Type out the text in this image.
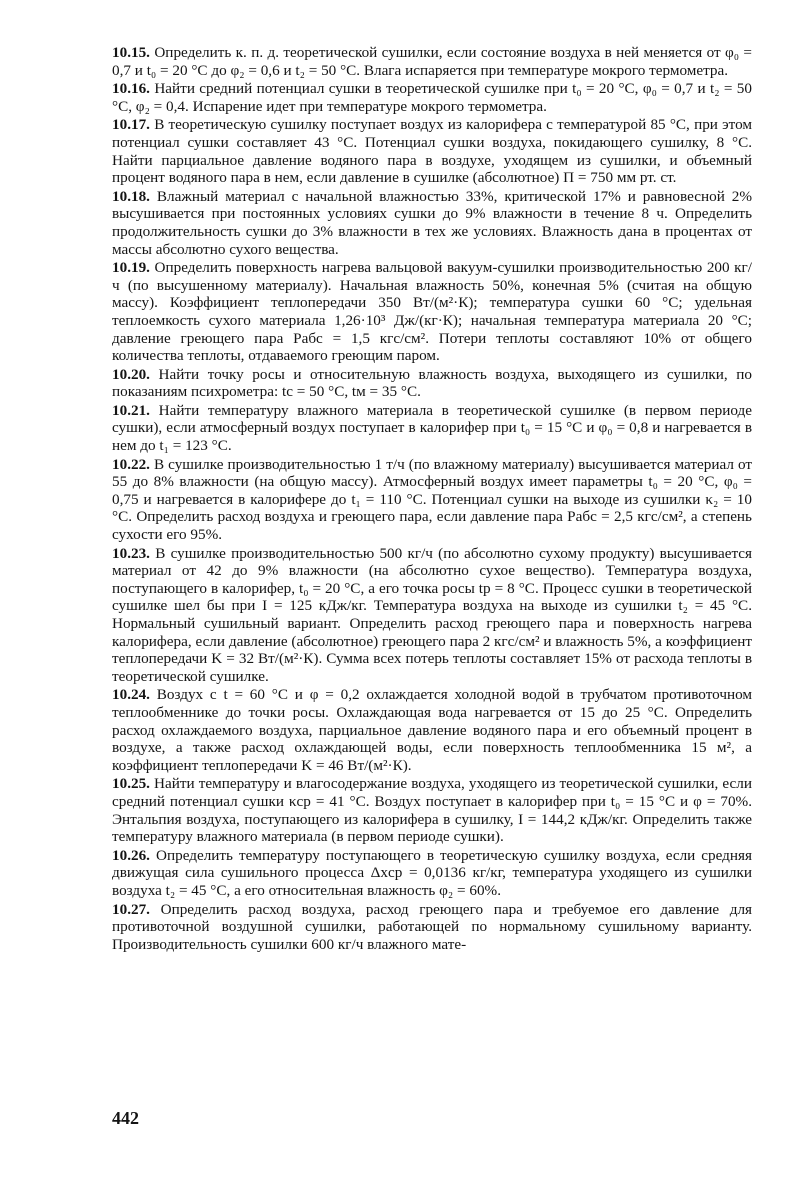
10.15. Определить к. п. д. теоретической сушилки, если состояние воздуха в ней меняется от φ₀ = 0,7 и t₀ = 20 °С до φ₂ = 0,6 и t₂ = 50 °С. Влага испаряется при температуре мокрого термометра.

10.16. Найти средний потенциал сушки в теоретической сушилке при t₀ = 20 °С, φ₀ = 0,7 и t₂ = 50 °С, φ₂ = 0,4. Испарение идет при температуре мокрого термометра.

10.17. В теоретическую сушилку поступает воздух из калорифера с температурой 85 °С, при этом потенциал сушки составляет 43 °С. Потенциал сушки воздуха, покидающего сушилку, 8 °С. Найти парциальное давление водяного пара в воздухе, уходящем из сушилки, и объемный процент водяного пара в нем, если давление в сушилке (абсолютное) П = 750 мм рт. ст.

10.18. Влажный материал с начальной влажностью 33%, критической 17% и равновесной 2% высушивается при постоянных условиях сушки до 9% влажности в течение 8 ч. Определить продолжительность сушки до 3% влажности в тех же условиях. Влажность дана в процентах от массы абсолютно сухого вещества.

10.19. Определить поверхность нагрева вальцовой вакуум-сушилки производительностью 200 кг/ч (по высушенному материалу). Начальная влажность 50%, конечная 5% (считая на общую массу). Коэффициент теплопередачи 350 Вт/(м²·К); температура сушки 60 °С; удельная теплоемкость сухого материала 1,26·10³ Дж/(кг·К); начальная температура материала 20 °С; давление греющего пара Pабс = 1,5 кгс/см². Потери теплоты составляют 10% от общего количества теплоты, отдаваемого греющим паром.

10.20. Найти точку росы и относительную влажность воздуха, выходящего из сушилки, по показаниям психрометра: tс = 50 °С, tм = 35 °С.

10.21. Найти температуру влажного материала в теоретической сушилке (в первом периоде сушки), если атмосферный воздух поступает в калорифер при t₀ = 15 °С и φ₀ = 0,8 и нагревается в нем до t₁ = 123 °С.

10.22. В сушилке производительностью 1 т/ч (по влажному материалу) высушивается материал от 55 до 8% влажности (на общую массу). Атмосферный воздух имеет параметры t₀ = 20 °С, φ₀ = 0,75 и нагревается в калорифере до t₁ = 110 °С. Потенциал сушки на выходе из сушилки κ₂ = 10 °С. Определить расход воздуха и греющего пара, если давление пара Pабс = 2,5 кгс/см², а степень сухости его 95%.

10.23. В сушилке производительностью 500 кг/ч (по абсолютно сухому продукту) высушивается материал от 42 до 9% влажности (на абсолютно сухое вещество). Температура воздуха, поступающего в калорифер, t₀ = 20 °С, а его точка росы tр = 8 °С. Процесс сушки в теоретической сушилке шел бы при I = 125 кДж/кг. Температура воздуха на выходе из сушилки t₂ = 45 °С. Нормальный сушильный вариант. Определить расход греющего пара и поверхность нагрева калорифера, если давление (абсолютное) греющего пара 2 кгс/см² и влажность 5%, а коэффициент теплопередачи K = 32 Вт/(м²·К). Сумма всех потерь теплоты составляет 15% от расхода теплоты в теоретической сушилке.

10.24. Воздух с t = 60 °С и φ = 0,2 охлаждается холодной водой в трубчатом противоточном теплообменнике до точки росы. Охлаждающая вода нагревается от 15 до 25 °С. Определить расход охлаждаемого воздуха, парциальное давление водяного пара и его объемный процент в воздухе, а также расход охлаждающей воды, если поверхность теплообменника 15 м², а коэффициент теплопередачи K = 46 Вт/(м²·К).

10.25. Найти температуру и влагосодержание воздуха, уходящего из теоретической сушилки, если средний потенциал сушки κср = 41 °С. Воздух поступает в калорифер при t₀ = 15 °С и φ = 70%. Энтальпия воздуха, поступающего из калорифера в сушилку, I = 144,2 кДж/кг. Определить также температуру влажного материала (в первом периоде сушки).

10.26. Определить температуру поступающего в теоретическую сушилку воздуха, если средняя движущая сила сушильного процесса Δxср = 0,0136 кг/кг, температура уходящего из сушилки воздуха t₂ = 45 °С, а его относительная влажность φ₂ = 60%.

10.27. Определить расход воздуха, расход греющего пара и требуемое его давление для противоточной воздушной сушилки, работающей по нормальному сушильному варианту. Производительность сушилки 600 кг/ч влажного мате-

442
